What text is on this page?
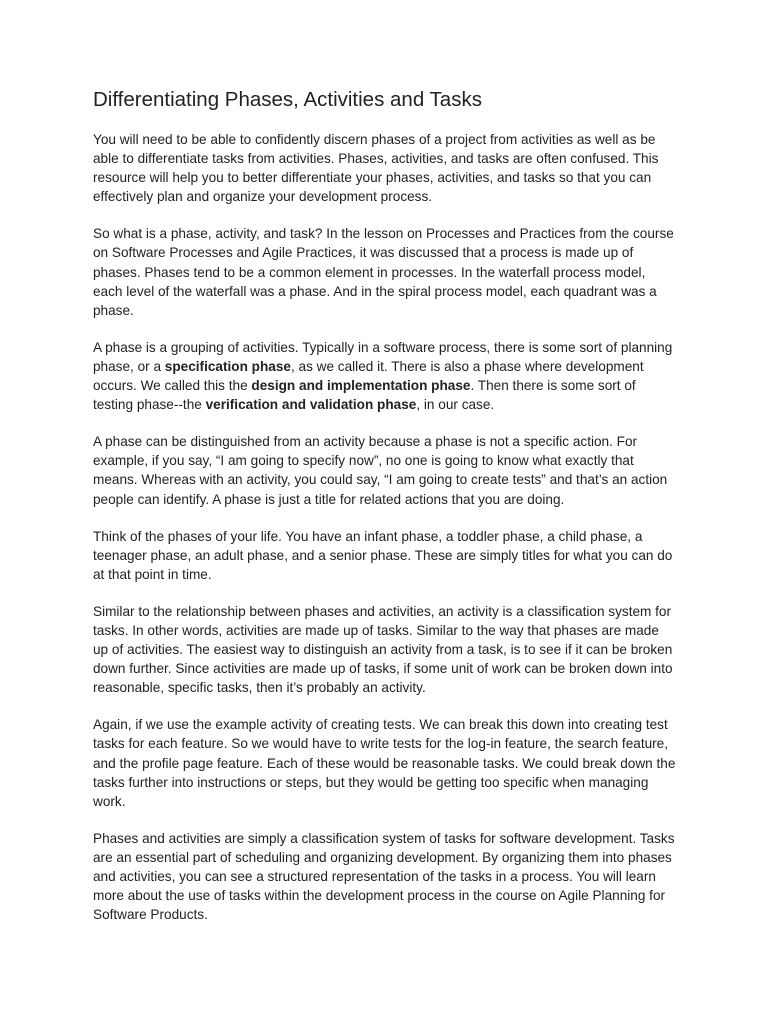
Differentiating Phases, Activities and Tasks

You will need to be able to confidently discern phases of a project from activities as well as be able to differentiate tasks from activities. Phases, activities, and tasks are often confused. This resource will help you to better differentiate your phases, activities, and tasks so that you can effectively plan and organize your development process.

So what is a phase, activity, and task? In the lesson on Processes and Practices from the course on Software Processes and Agile Practices, it was discussed that a process is made up of phases. Phases tend to be a common element in processes. In the waterfall process model, each level of the waterfall was a phase. And in the spiral process model, each quadrant was a phase.

A phase is a grouping of activities. Typically in a software process, there is some sort of planning phase, or a specification phase, as we called it. There is also a phase where development occurs. We called this the design and implementation phase. Then there is some sort of testing phase--the verification and validation phase, in our case.

A phase can be distinguished from an activity because a phase is not a specific action. For example, if you say, “I am going to specify now”, no one is going to know what exactly that means. Whereas with an activity, you could say, “I am going to create tests” and that’s an action people can identify. A phase is just a title for related actions that you are doing.

Think of the phases of your life. You have an infant phase, a toddler phase, a child phase, a teenager phase, an adult phase, and a senior phase. These are simply titles for what you can do at that point in time.

Similar to the relationship between phases and activities, an activity is a classification system for tasks. In other words, activities are made up of tasks. Similar to the way that phases are made up of activities. The easiest way to distinguish an activity from a task, is to see if it can be broken down further. Since activities are made up of tasks, if some unit of work can be broken down into reasonable, specific tasks, then it’s probably an activity.

Again, if we use the example activity of creating tests. We can break this down into creating test tasks for each feature. So we would have to write tests for the log-in feature, the search feature, and the profile page feature. Each of these would be reasonable tasks. We could break down the tasks further into instructions or steps, but they would be getting too specific when managing work.

Phases and activities are simply a classification system of tasks for software development. Tasks are an essential part of scheduling and organizing development. By organizing them into phases and activities, you can see a structured representation of the tasks in a process. You will learn more about the use of tasks within the development process in the course on Agile Planning for Software Products.
